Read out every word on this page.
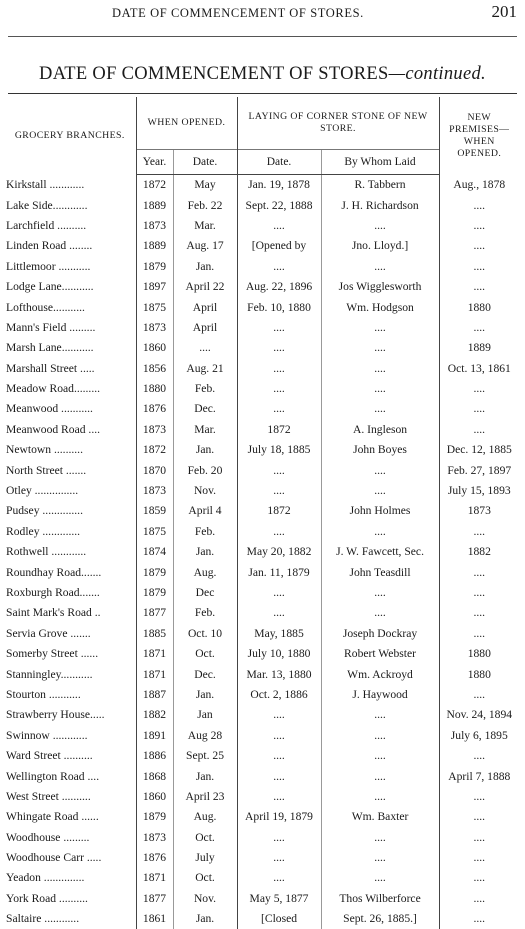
DATE OF COMMENCEMENT OF STORES.	201
DATE OF COMMENCEMENT OF STORES—continued.
GROCERY BRANCHES.	WHEN OPENED.		LAYING OF CORNER STONE OF NEW STORE.		NEW PREMISES—WHEN OPENED.
	Year.	Date.	Date.	By Whom Laid	
Kirkstall ............	1872	May	Jan. 19, 1878	R. Tabbern	Aug., 1878
Lake Side............	1889	Feb. 22	Sept. 22, 1888	J. H. Richardson	....
Larchfield ..........	1873	Mar.	....	....	....
Linden Road ........	1889	Aug. 17	[Opened by	Jno. Lloyd.]	....
Littlemoor ...........	1879	Jan.	....	....	....
Lodge Lane...........	1897	April 22	Aug. 22, 1896	Jos Wigglesworth	....
Lofthouse...........	1875	April	Feb. 10, 1880	Wm. Hodgson	1880
Mann's Field .........	1873	April	....	....	....
Marsh Lane...........	1860	....	....	....	1889
Marshall Street .....	1856	Aug. 21	....	....	Oct. 13, 1861
Meadow Road.........	1880	Feb.	....	....	....
Meanwood ...........	1876	Dec.	....	....	....
Meanwood Road ....	1873	Mar.	1872	A. Ingleson	....
Newtown ..........	1872	Jan.	July 18, 1885	John Boyes	Dec. 12, 1885
North Street .......	1870	Feb. 20	....	....	Feb. 27, 1897
Otley ...............	1873	Nov.	....	....	July 15, 1893
Pudsey ..............	1859	April 4	1872	John Holmes	1873
Rodley .............	1875	Feb.	....	....	....
Rothwell ............	1874	Jan.	May 20, 1882	J. W. Fawcett, Sec.	1882
Roundhay Road.......	1879	Aug.	Jan. 11, 1879	John Teasdill	....
Roxburgh Road.......	1879	Dec	....	....	....
Saint Mark's Road ..	1877	Feb.	....	....	....
Servia Grove .......	1885	Oct. 10	May, 1885	Joseph Dockray	....
Somerby Street ......	1871	Oct.	July 10, 1880	Robert Webster	1880
Stanningley...........	1871	Dec.	Mar. 13, 1880	Wm. Ackroyd	1880
Stourton ...........	1887	Jan.	Oct. 2, 1886	J. Haywood	....
Strawberry House.....	1882	Jan	....	....	Nov. 24, 1894
Swinnow ............	1891	Aug 28	....	....	July 6, 1895
Ward Street ..........	1886	Sept. 25	....	....	....
Wellington Road ....	1868	Jan.	....	....	April 7, 1888
West Street ..........	1860	April 23	....	....	....
Whingate Road ......	1879	Aug.	April 19, 1879	Wm. Baxter	....
Woodhouse .........	1873	Oct.	....	....	....
Woodhouse Carr .....	1876	July	....	....	....
Yeadon ..............	1871	Oct.	....	....	....
York Road ..........	1877	Nov.	May 5, 1877	Thos Wilberforce	....
Saltaire ............	1861	Jan.	[Closed	Sept. 26, 1885.]	....
